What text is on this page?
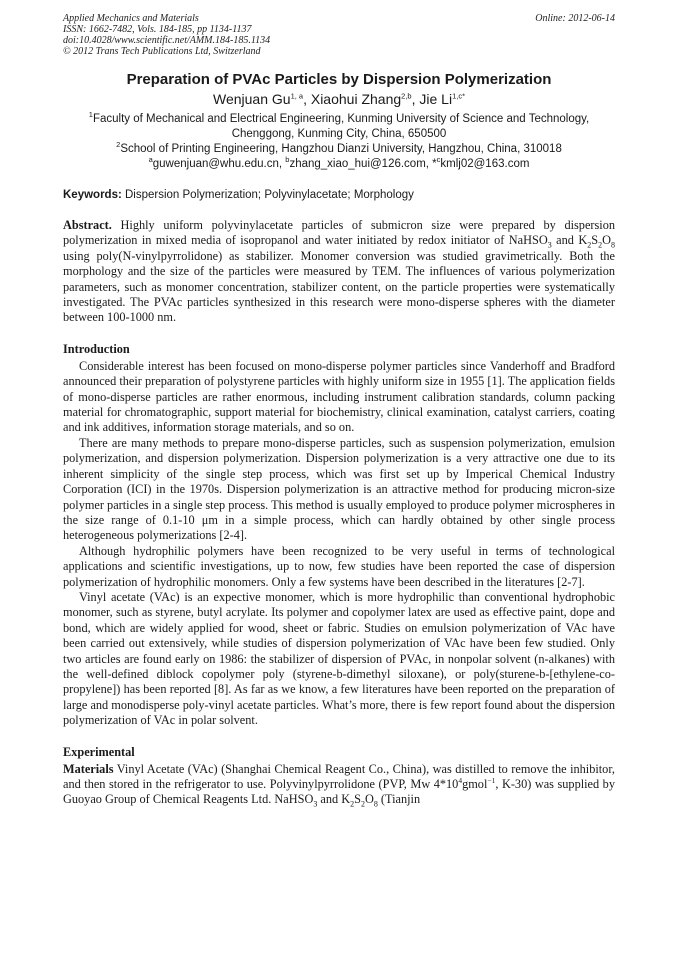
Applied Mechanics and Materials
ISSN: 1662-7482, Vols. 184-185, pp 1134-1137
doi:10.4028/www.scientific.net/AMM.184-185.1134
© 2012 Trans Tech Publications Ltd, Switzerland
Online: 2012-06-14
Preparation of PVAc Particles by Dispersion Polymerization
Wenjuan Gu$^{1, a}$, Xiaohui Zhang$^{2,b}$, Jie $Li^{1,c*}$
$^1$Faculty of Mechanical and Electrical Engineering, Kunming University of Science and Technology,
Chenggong, Kunming City, China, 650500
$^2$School of Printing Engineering, Hangzhou Dianzi University, Hangzhou, China, 310018
$^a$guwenjuan@whu.edu.cn, $^b$zhang_xiao_hui@126.com, *$^c$kmlj02@163.com
Keywords: Dispersion Polymerization; Polyvinylacetate; Morphology
Abstract. Highly uniform polyvinylacetate particles of submicron size were prepared by dispersion polymerization in mixed media of isopropanol and water initiated by redox initiator of NaHSO$_3$ and $K_2S_2O_8$ using poly(N-vinylpyrrolidone) as stabilizer. Monomer conversion was studied gravimetrically. Both the morphology and the size of the particles were measured by TEM. The influences of various polymerization parameters, such as monomer concentration, stabilizer content, on the particle properties were systematically investigated. The PVAc particles synthesized in this research were mono-disperse spheres with the diameter between 100-1000 nm.
Introduction

Considerable interest has been focused on mono-disperse polymer particles since Vanderhoff and Bradford announced their preparation of polystyrene particles with highly uniform size in 1955 [1]. The application fields of mono-disperse particles are rather enormous, including instrument calibration standards, column packing material for chromatographic, support material for biochemistry, clinical examination, catalyst carriers, coating and ink additives, information storage materials, and so on.

There are many methods to prepare mono-disperse particles, such as suspension polymerization, emulsion polymerization, and dispersion polymerization. Dispersion polymerization is a very attractive one due to its inherent simplicity of the single step process, which was first set up by Imperical Chemical Industry Corporation (ICI) in the 1970s. Dispersion polymerization is an attractive method for producing micron-size polymer particles in a single step process. This method is usually employed to produce polymer microspheres in the size range of 0.1-10 μm in a simple process, which can hardly obtained by other single process heterogeneous polymerizations [2-4].

Although hydrophilic polymers have been recognized to be very useful in terms of technological applications and scientific investigations, up to now, few studies have been reported the case of dispersion polymerization of hydrophilic monomers. Only a few systems have been described in the literatures [2-7].

Vinyl acetate (VAc) is an expective monomer, which is more hydrophilic than conventional hydrophobic monomer, such as styrene, butyl acrylate. Its polymer and copolymer latex are used as effective paint, dope and bond, which are widely applied for wood, sheet or fabric. Studies on emulsion polymerization of VAc have been carried out extensively, while studies of dispersion polymerization of VAc have been few studied. Only two articles are found early on 1986: the stabilizer of dispersion of PVAc, in nonpolar solvent (n-alkanes) with the well-defined diblock copolymer poly (styrene-b-dimethyl siloxane), or poly(sturene-b-[ethylene-co-propylene]) has been reported [8]. As far as we know, a few literatures have been reported on the preparation of large and monodisperse poly-vinyl acetate particles. What’s more, there is few report found about the dispersion polymerization of VAc in polar solvent.

Experimental
Materials Vinyl Acetate (VAc) (Shanghai Chemical Reagent Co., China), was distilled to remove the inhibitor, and then stored in the refrigerator to use. Polyvinylpyrrolidone (PVP, Mw $4*10^4gmol^{-1}$, K-30) was supplied by Guoyao Group of Chemical Reagents Ltd. NaHSO$_3$ and $K_2S_2O_8$ (Tianjin
